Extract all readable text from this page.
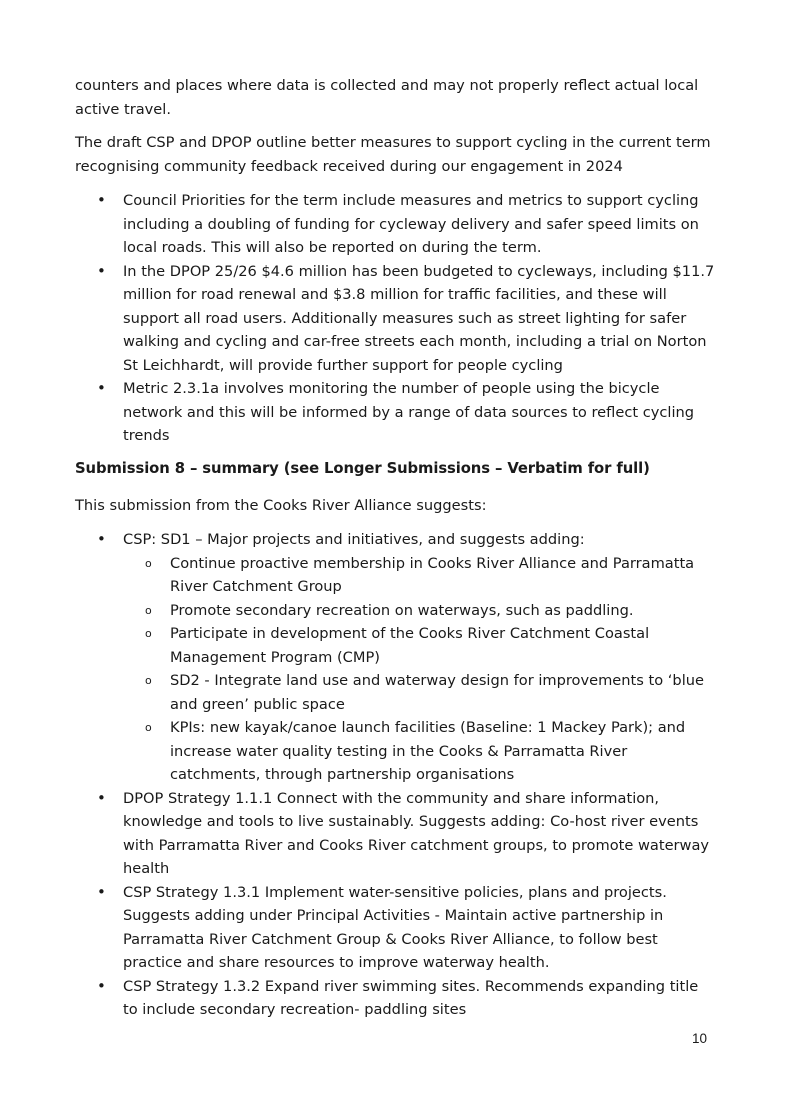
counters and places where data is collected and may not properly reflect actual local active travel.

The draft CSP and DPOP outline better measures to support cycling in the current term recognising community feedback received during our engagement in 2024

• Council Priorities for the term include measures and metrics to support cycling including a doubling of funding for cycleway delivery and safer speed limits on local roads. This will also be reported on during the term.
• In the DPOP 25/26 $4.6 million has been budgeted to cycleways, including $11.7 million for road renewal and $3.8 million for traffic facilities, and these will support all road users. Additionally measures such as street lighting for safer walking and cycling and car-free streets each month, including a trial on Norton St Leichhardt, will provide further support for people cycling
• Metric 2.3.1a involves monitoring the number of people using the bicycle network and this will be informed by a range of data sources to reflect cycling trends
Submission 8 – summary (see Longer Submissions – Verbatim for full)

This submission from the Cooks River Alliance suggests:

• CSP: SD1 – Major projects and initiatives, and suggests adding:
o Continue proactive membership in Cooks River Alliance and Parramatta River Catchment Group
o Promote secondary recreation on waterways, such as paddling.
o Participate in development of the Cooks River Catchment Coastal Management Program (CMP)
o SD2 - Integrate land use and waterway design for improvements to ‘blue and green’ public space
o KPIs: new kayak/canoe launch facilities (Baseline: 1 Mackey Park); and increase water quality testing in the Cooks & Parramatta River catchments, through partnership organisations
• DPOP Strategy 1.1.1 Connect with the community and share information, knowledge and tools to live sustainably. Suggests adding: Co-host river events with Parramatta River and Cooks River catchment groups, to promote waterway health
• CSP Strategy 1.3.1 Implement water-sensitive policies, plans and projects. Suggests adding under Principal Activities - Maintain active partnership in Parramatta River Catchment Group & Cooks River Alliance, to follow best practice and share resources to improve waterway health.
• CSP Strategy 1.3.2 Expand river swimming sites. Recommends expanding title to include secondary recreation- paddling sites
10
